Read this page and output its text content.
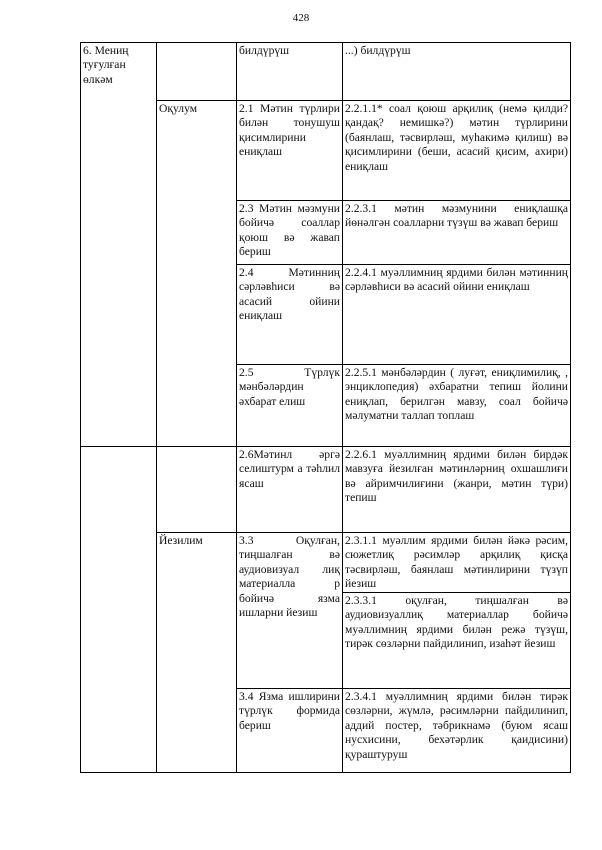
428
6. Мениң туғулған өлкәм		билдүрүш	...) билдүрүш

	Оқулум	2.1 Мәтин түрлири билән тонушуш қисимлирини ениқлаш	2.2.1.1* соал қоюш арқилиқ (немә қилди? қандақ? немишкә?) мәтин түрлирини (баянлаш, тәсвирләш, муһакимә қилиш) вә қисимлирини (беши, асасий қисим, ахири) ениқлаш

		2.3 Мәтин мәзмуни бойичә соаллар қоюш вә жавап бериш	2.2.3.1 мәтин мәзмунини ениқлашқа йөнәлгән соалларни түзүш вә жавап бериш

		2.4 Мәтинниң сәрләвһиси вә асасий ойини ениқлаш	2.2.4.1 муәллимниң ярдими билән мәтинниң сәрләвһиси вә асасий ойини ениқлаш

		2.5 Түрлүк мәнбәләрдин әхбарат елиш	2.2.5.1 мәнбәләрдин ( луғәт, ениқлимилиқ, , энциклопедия) әхбаратни тепиш йолини ениқлап, берилгән мавзу, соал бойичә мәлуматни таллап топлаш

		2.6Мәтинл әргә селиштурм а тәһлил ясаш	2.2.6.1 муәллимниң ярдими билән бирдәк мавзуға йезилған мәтинләрниң охшашлиғи вә айримчилиғини (жанри, мәтин түри) тепиш

	Йезилим	3.3 Оқулған, тиңшалған вә аудиовизуал лиқ материалла р бойичә язма ишларни йезиш	2.3.1.1 муәллим ярдими билән йәкә рәсим, сюжетлиқ рәсимләр арқилиқ қисқа тәсвирләш, баянлаш мәтинлирини түзүп йезиш

			2.3.3.1 оқулған, тиңшалған вә аудиовизуаллиқ материаллар бойичә муәллимниң ярдими билән режә түзүш, тирәк сөзләрни пайдилинип, изаһәт йезиш

		3.4 Язма ишлирини түрлүк формида бериш	2.3.4.1 муәллимниң ярдими билән тирәк сөзләрни, жүмлә, рәсимләрни пайдилинип, аддий постер, тәбрикнамә (буюм ясаш нусхисини, бехәтәрлик қаидисини) қураштуруш
